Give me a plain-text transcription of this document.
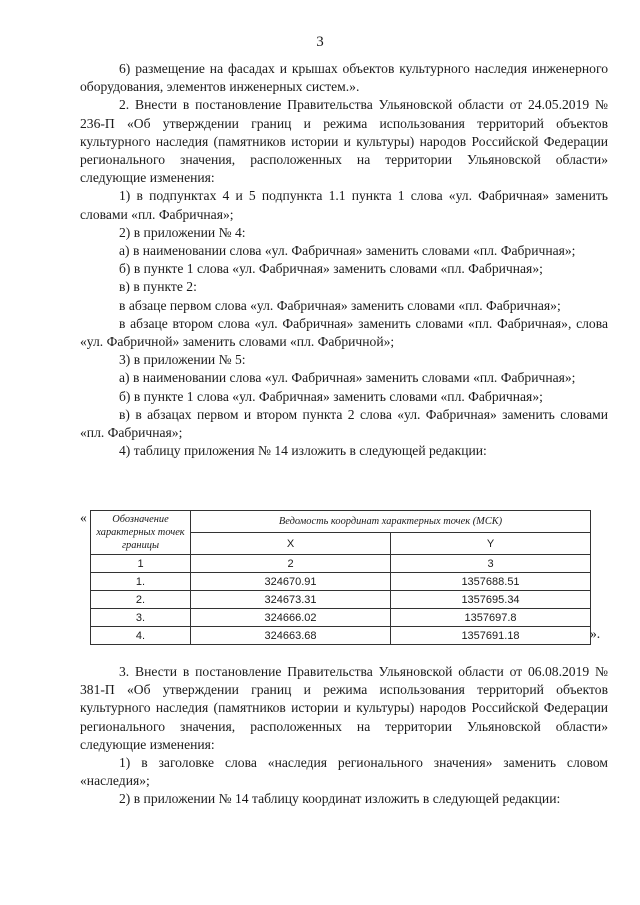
3

6) размещение на фасадах и крышах объектов культурного наследия инженерного оборудования, элементов инженерных систем.».

2. Внести в постановление Правительства Ульяновской области от 24.05.2019 № 236-П «Об утверждении границ и режима использования территорий объектов культурного наследия (памятников истории и культуры) народов Российской Федерации регионального значения, расположенных на территории Ульяновской области» следующие изменения:

1) в подпунктах 4 и 5 подпункта 1.1 пункта 1 слова «ул. Фабричная» заменить словами «пл. Фабричная»;

2) в приложении № 4:

а) в наименовании слова «ул. Фабричная» заменить словами «пл. Фабричная»;

б) в пункте 1 слова «ул. Фабричная» заменить словами «пл. Фабричная»;

в) в пункте 2:

в абзаце первом слова «ул. Фабричная» заменить словами «пл. Фабричная»;

в абзаце втором слова «ул. Фабричная» заменить словами «пл. Фабричная», слова «ул. Фабричной» заменить словами «пл. Фабричной»;

3) в приложении № 5:

а) в наименовании слова «ул. Фабричная» заменить словами «пл. Фабричная»;

б) в пункте 1 слова «ул. Фабричная» заменить словами «пл. Фабричная»;

в) в абзацах первом и втором пункта 2 слова «ул. Фабричная» заменить словами «пл. Фабричная»;

4) таблицу приложения № 14 изложить в следующей редакции:

« Обозначение характерных точек границы	Ведомость координат характерных точек (МСК)	
	X	Y
1	2	3
1.	324670.91	1357688.51
2.	324673.31	1357695.34
3.	324666.02	1357697.8
4.	324663.68	1357691.18	».

3. Внести в постановление Правительства Ульяновской области от 06.08.2019 № 381-П «Об утверждении границ и режима использования территорий объектов культурного наследия (памятников истории и культуры) народов Российской Федерации регионального значения, расположенных на территории Ульяновской области» следующие изменения:

1) в заголовке слова «наследия регионального значения» заменить словом «наследия»;

2) в приложении № 14 таблицу координат изложить в следующей редакции:
